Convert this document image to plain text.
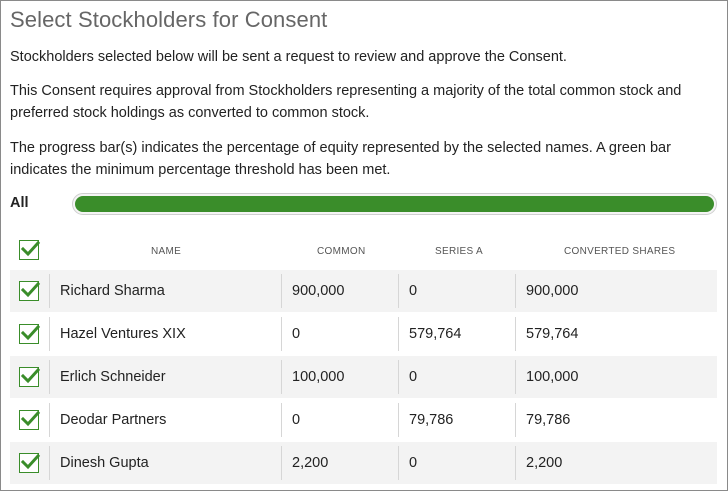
Select Stockholders for Consent
Stockholders selected below will be sent a request to review and approve the Consent.
This Consent requires approval from Stockholders representing a majority of the total common stock and preferred stock holdings as converted to common stock.
The progress bar(s) indicates the percentage of equity represented by the selected names. A green bar indicates the minimum percentage threshold has been met.
All
NAME	COMMON	SERIES A	CONVERTED SHARES
Richard Sharma	900,000	0	900,000
Hazel Ventures XIX	0	579,764	579,764
Erlich Schneider	100,000	0	100,000
Deodar Partners	0	79,786	79,786
Dinesh Gupta	2,200	0	2,200
